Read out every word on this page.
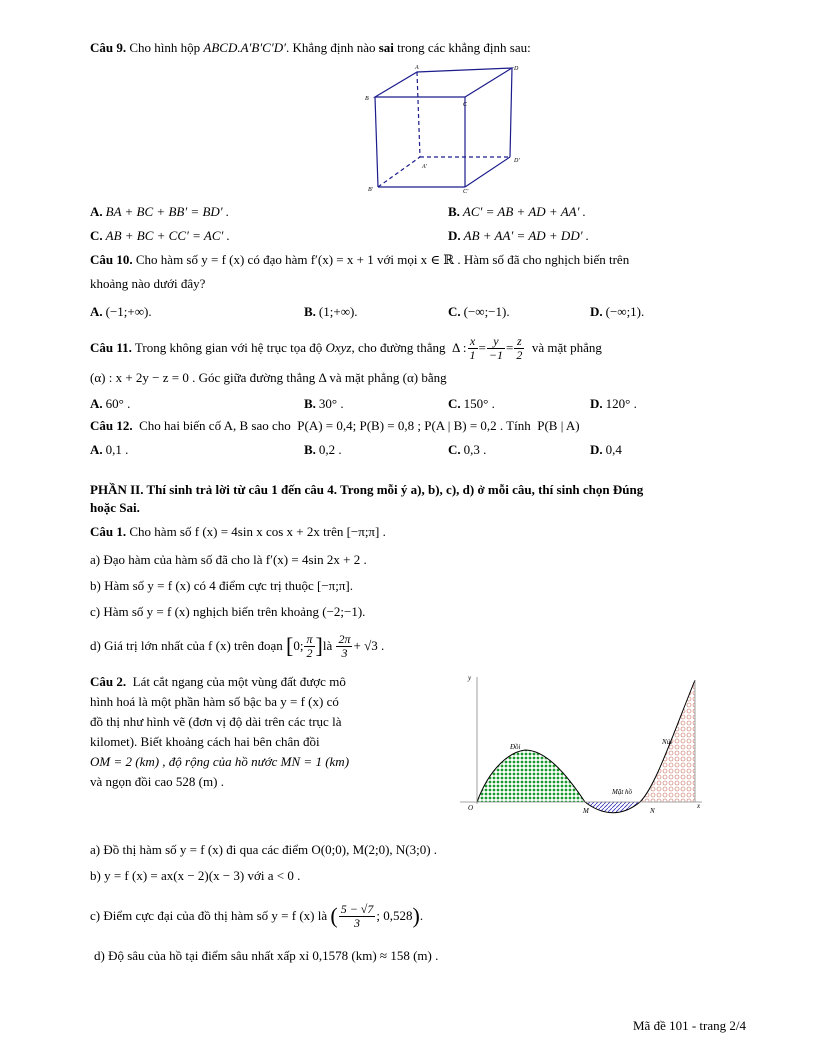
Câu 9. Cho hình hộp ABCD.A′B′C′D′. Khẳng định nào sai trong các khẳng định sau:
B
A
C
D
D′
A′
B′	C′
A. BA + BC + BB′ = BD′ .	B. AC′ = AB + AD + AA′ .
C. AB + BC + CC′ = AC′ .	D. AB + AA′ = AD + DD′ .
Câu 10. Cho hàm số y = f (x) có đạo hàm f′(x) = x + 1 với mọi x ∈ ℝ . Hàm số đã cho nghịch biến trên
khoảng nào dưới đây?
A. (−1;+∞).	B. (1;+∞).	C. (−∞;−1).	D. (−∞;1).
Câu 11. Trong không gian với hệ trục tọa độ Oxyz , cho đường thẳng  Δ : $\frac{x}{1} = \frac{y}{-1} = \frac{z}{2}$ và mặt phẳng
(α) : x + 2y − z = 0 . Góc giữa đường thẳng Δ và mặt phẳng (α) bằng
A. 60° .	B. 30° .	C. 150° .	D. 120° .
Câu 12.  Cho hai biến cố A, B sao cho  P(A) = 0,4; P(B) = 0,8 ; P(A | B) = 0,2 . Tính  P(B | A)
A. 0,1 .	B. 0,2 .	C. 0,3 .	D. 0,4
PHẦN II. Thí sinh trả lời từ câu 1 đến câu 4. Trong mỗi ý a), b), c), d) ở mỗi câu, thí sinh chọn Đúng
hoặc Sai.
Câu 1. Cho hàm số f (x) = 4sin x cos x + 2x trên [−π;π] .
a) Đạo hàm của hàm số đã cho là f′(x) = 4sin 2x + 2 .
b) Hàm số y = f (x) có 4 điểm cực trị thuộc [−π;π].
c) Hàm số y = f (x) nghịch biến trên khoảng (−2;−1).
d) Giá trị lớn nhất của f (x) trên đoạn
[ 0; $\frac{\pi}{2}$ ] là
$\frac{2\pi}{3} + √3$ .
Câu 2. Lát cắt ngang của một vùng đất được mô
hình hoá là một phần hàm số bậc ba y = f (x) có
đồ thị như hình vẽ (đơn vị độ dài trên các trục là
kilomet). Biết khoảng cách hai bên chân đồi
OM = 2 (km) , độ rộng của hồ nước MN = 1 (km)
và ngọn đồi cao 528 (m) .
y
x
O	M	N
Đồi
Núi
Mặt hồ
a) Đồ thị hàm số y = f (x) đi qua các điểm O(0;0), M(2;0), N(3;0) .
b) y = f (x) = ax(x − 2)(x − 3) với a < 0 .
c) Điểm cực đại của đồ thị hàm số y = f (x) là
( $\frac{5 - √7}{3}$ ; 0,528 ) .
d) Độ sâu của hồ tại điểm sâu nhất xấp xỉ 0,1578 (km) ≈ 158 (m) .
Mã đề 101 - trang 2/4
